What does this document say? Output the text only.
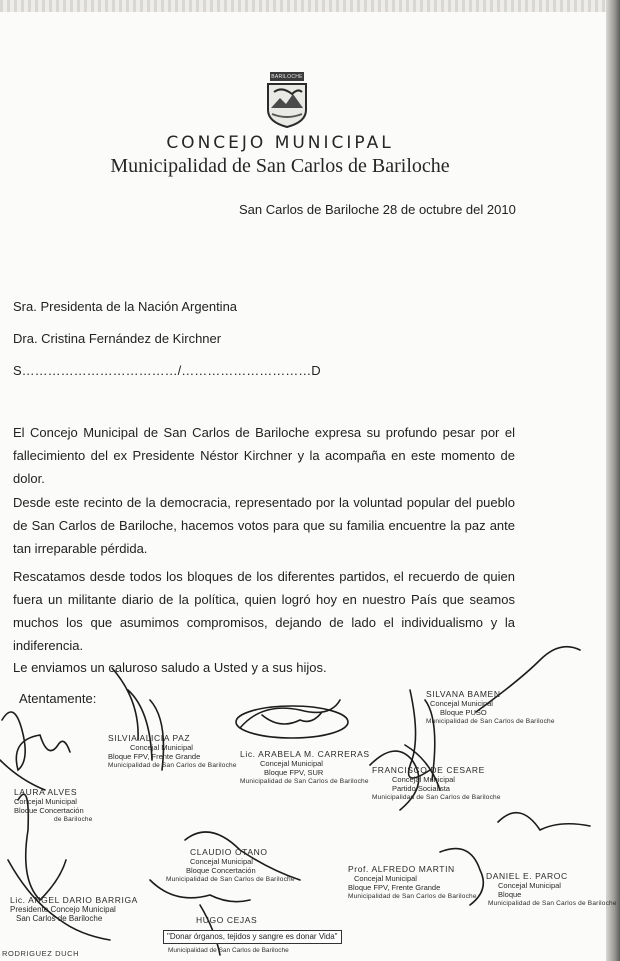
BARILOCHE
CONCEJO MUNICIPAL
Municipalidad de San Carlos de Bariloche
San Carlos de Bariloche 28 de octubre del 2010
Sra. Presidenta de la Nación Argentina
Dra. Cristina Fernández de Kirchner
S………………………………/…………………………D
El Concejo Municipal de San Carlos de Bariloche expresa su profundo pesar por el fallecimiento del ex Presidente Néstor Kirchner y la acompaña en este momento de dolor.
Desde este recinto de la democracia, representado por la voluntad popular del pueblo de San Carlos de Bariloche, hacemos votos para que su familia encuentre la paz ante tan irreparable pérdida.
Rescatamos desde todos los bloques de los diferentes partidos, el recuerdo de quien fuera un militante diario de la política, quien logró hoy en nuestro País que seamos muchos los que asumimos compromisos, dejando de lado el individualismo y la indiferencia.
Le enviamos un caluroso saludo a Usted y a sus hijos.
Atentamente:
SILVIA ALICIA PAZ
Concejal Municipal
Bloque FPV, Frente Grande
Municipalidad de San Carlos de Bariloche
Lic. ARABELA M. CARRERAS
Concejal Municipal
Bloque FPV, SUR
Municipalidad de San Carlos de Bariloche
SILVANA BAMEN
Concejal Municipal
Bloque PUSO
Municipalidad de San Carlos de Bariloche
LAURA ALVES
Concejal Municipal
Bloque Concertación
de Bariloche
FRANCISCO DE CESARE
Concejal Municipal
Partido Socialista
Municipalidad de San Carlos de Bariloche
CLAUDIO OTANO
Concejal Municipal
Bloque Concertación
Municipalidad de San Carlos de Bariloche
Lic. ANGEL DARIO BARRIGA
Presidente Concejo Municipal
San Carlos de Bariloche
Prof. ALFREDO MARTIN
Concejal Municipal
Bloque FPV, Frente Grande
Municipalidad de San Carlos de Bariloche
DANIEL E. PAROC
Concejal Municipal
Bloque
Municipalidad de San Carlos de Bariloche
HUGO CEJAS
"Donar órganos, tejidos y sangre es donar Vida"
Municipalidad de San Carlos de Bariloche
RODRIGUEZ DUCH
